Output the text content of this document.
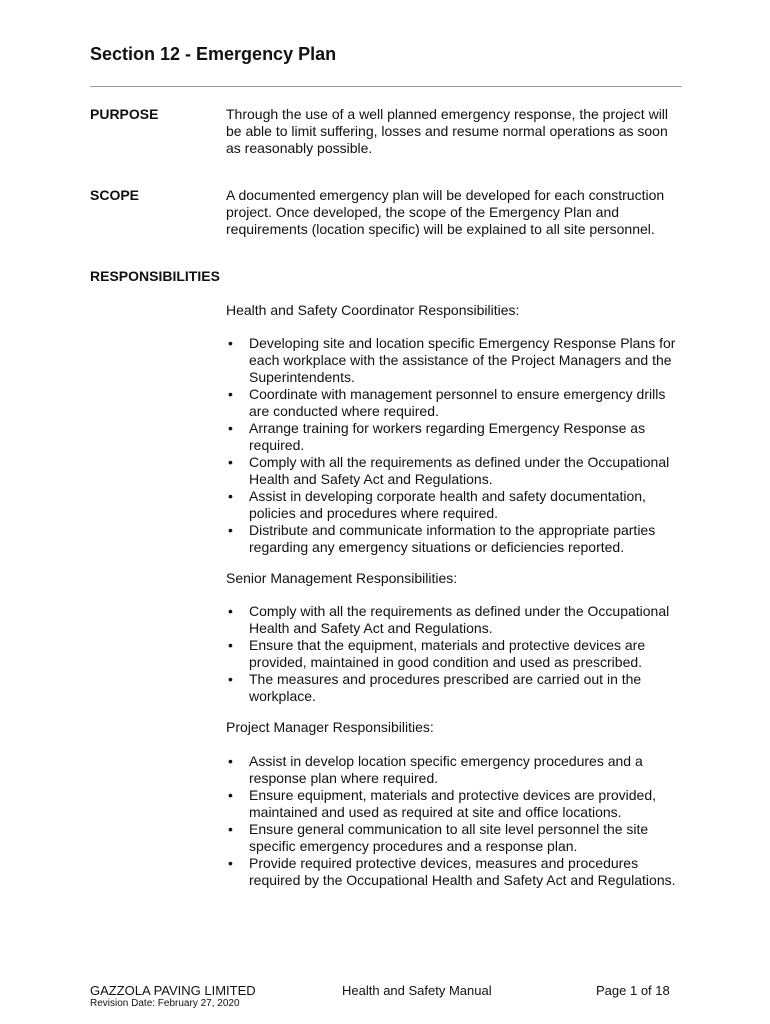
Section 12 - Emergency Plan
PURPOSE	Through the use of a well planned emergency response, the project will be able to limit suffering, losses and resume normal operations as soon as reasonably possible.
SCOPE	A documented emergency plan will be developed for each construction project. Once developed, the scope of the Emergency Plan and requirements (location specific) will be explained to all site personnel.
RESPONSIBILITIES
Health and Safety Coordinator Responsibilities:
• Developing site and location specific Emergency Response Plans for each workplace with the assistance of the Project Managers and the Superintendents.
• Coordinate with management personnel to ensure emergency drills are conducted where required.
• Arrange training for workers regarding Emergency Response as required.
• Comply with all the requirements as defined under the Occupational Health and Safety Act and Regulations.
• Assist in developing corporate health and safety documentation, policies and procedures where required.
• Distribute and communicate information to the appropriate parties regarding any emergency situations or deficiencies reported.
Senior Management Responsibilities:
• Comply with all the requirements as defined under the Occupational Health and Safety Act and Regulations.
• Ensure that the equipment, materials and protective devices are provided, maintained in good condition and used as prescribed.
• The measures and procedures prescribed are carried out in the workplace.
Project Manager Responsibilities:
• Assist in develop location specific emergency procedures and a response plan where required.
• Ensure equipment, materials and protective devices are provided, maintained and used as required at site and office locations.
• Ensure general communication to all site level personnel the site specific emergency procedures and a response plan.
• Provide required protective devices, measures and procedures required by the Occupational Health and Safety Act and Regulations.
GAZZOLA PAVING LIMITED
Revision Date: February 27, 2020
Health and Safety Manual	Page 1 of 18
